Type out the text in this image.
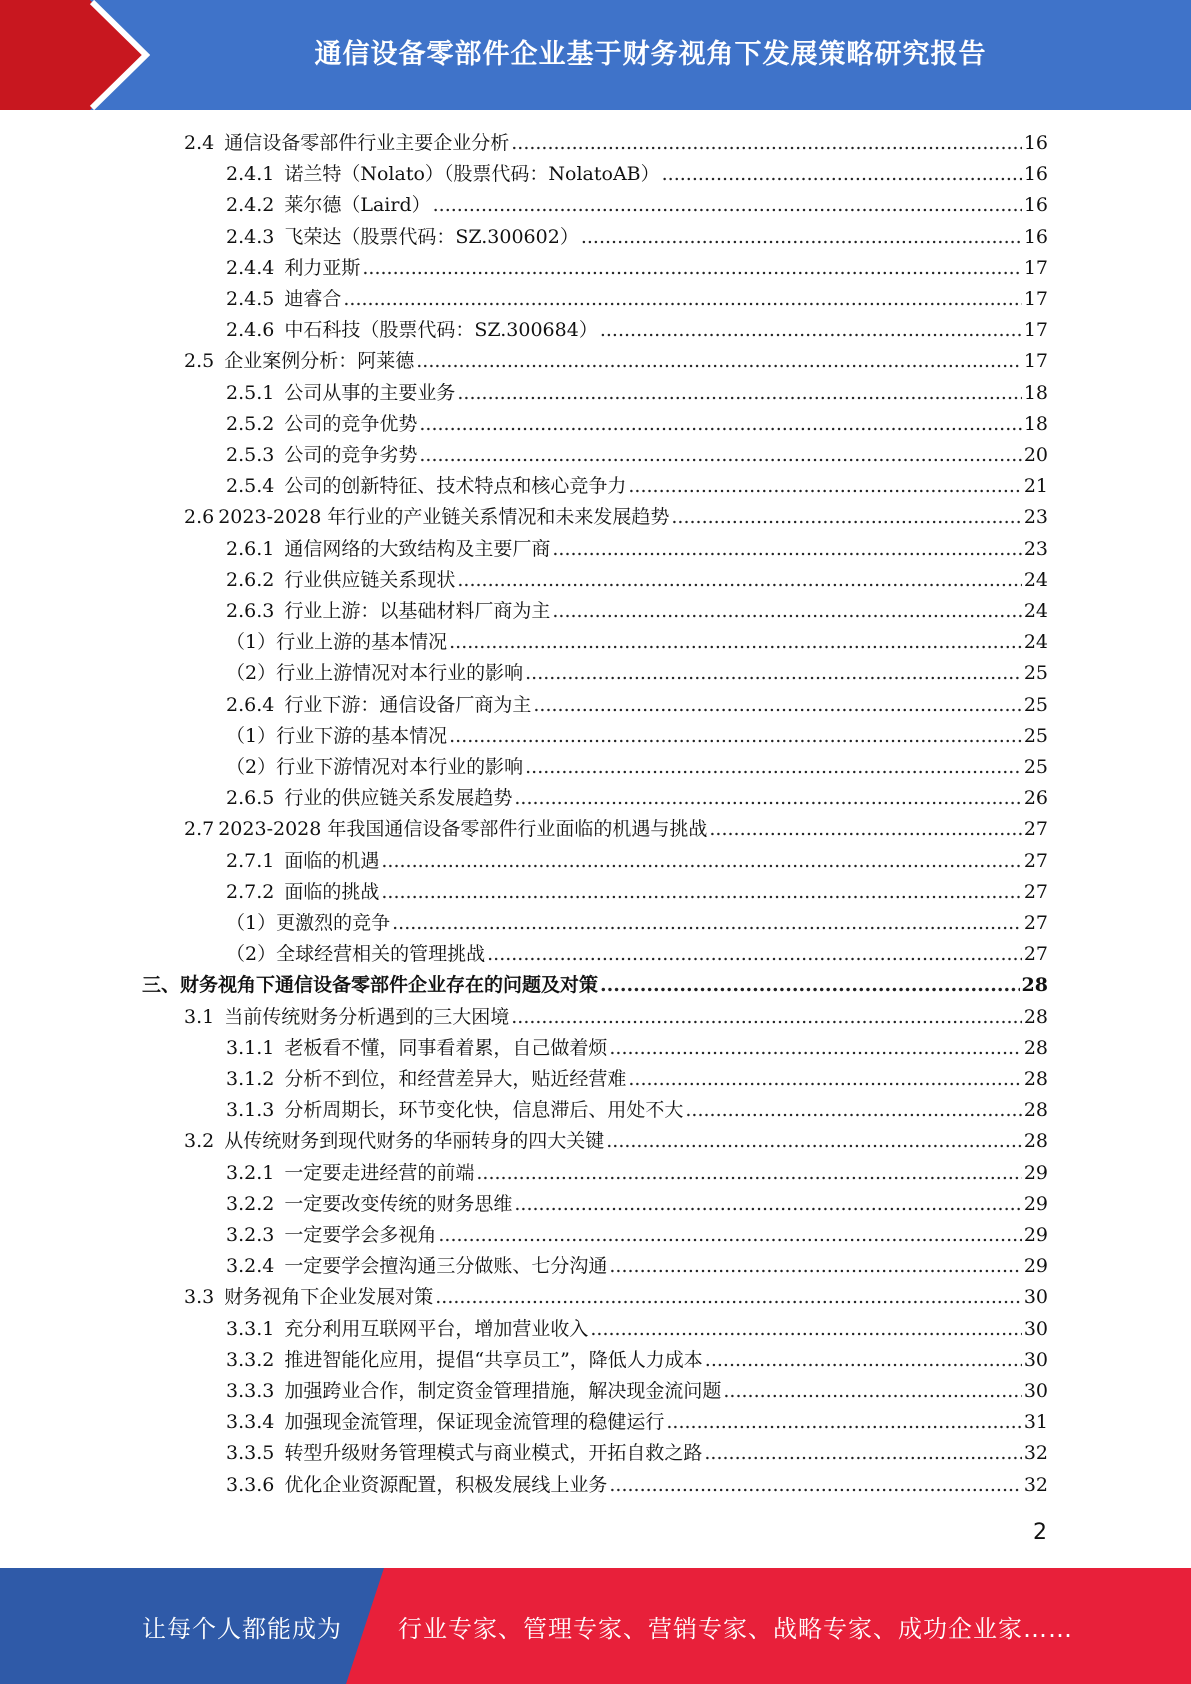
通信设备零部件企业基于财务视角下发展策略研究报告
2.4 通信设备零部件行业主要企业分析 .....	16
2.4.1 诺兰特（Nolato）（股票代码：NolatoAB） .....	16
2.4.2 莱尔德（Laird） .....	16
2.4.3 飞荣达（股票代码：SZ.300602） .....	16
2.4.4 利力亚斯 .....	17
2.4.5 迪睿合 .....	17
2.4.6 中石科技（股票代码：SZ.300684） .....	17
2.5 企业案例分析：阿莱德 .....	17
2.5.1 公司从事的主要业务 .....	18
2.5.2 公司的竞争优势 .....	18
2.5.3 公司的竞争劣势 .....	20
2.5.4 公司的创新特征、技术特点和核心竞争力 .....	21
2.6 2023-2028 年行业的产业链关系情况和未来发展趋势 .....	23
2.6.1 通信网络的大致结构及主要厂商 .....	23
2.6.2 行业供应链关系现状 .....	24
2.6.3 行业上游：以基础材料厂商为主 .....	24
（1） 行业上游的基本情况 .....	24
（2） 行业上游情况对本行业的影响 .....	25
2.6.4 行业下游：通信设备厂商为主 .....	25
（1） 行业下游的基本情况 .....	25
（2） 行业下游情况对本行业的影响 .....	25
2.6.5 行业的供应链关系发展趋势 .....	26
2.7 2023-2028 年我国通信设备零部件行业面临的机遇与挑战 .....	27
2.7.1 面临的机遇 .....	27
2.7.2 面临的挑战 .....	27
（1） 更激烈的竞争 .....	27
（2） 全球经营相关的管理挑战 .....	27
三、 财务视角下通信设备零部件企业存在的问题及对策 .....	28
3.1 当前传统财务分析遇到的三大困境 .....	28
3.1.1 老板看不懂，同事看着累，自己做着烦 .....	28
3.1.2 分析不到位，和经营差异大，贴近经营难 .....	28
3.1.3 分析周期长，环节变化快，信息滞后、用处不大 .....	28
3.2 从传统财务到现代财务的华丽转身的四大关键 .....	28
3.2.1 一定要走进经营的前端 .....	29
3.2.2 一定要改变传统的财务思维 .....	29
3.2.3 一定要学会多视角 .....	29
3.2.4 一定要学会擅沟通三分做账、七分沟通 .....	29
3.3 财务视角下企业发展对策 .....	30
3.3.1 充分利用互联网平台，增加营业收入 .....	30
3.3.2 推进智能化应用，提倡“共享员工”，降低人力成本 .....	30
3.3.3 加强跨业合作，制定资金管理措施，解决现金流问题 .....	30
3.3.4 加强现金流管理，保证现金流管理的稳健运行 .....	31
3.3.5 转型升级财务管理模式与商业模式，开拓自救之路 .....	32
3.3.6 优化企业资源配置，积极发展线上业务 .....	32
2
让每个人都能成为 行业专家、管理专家、营销专家、战略专家、成功企业家……
